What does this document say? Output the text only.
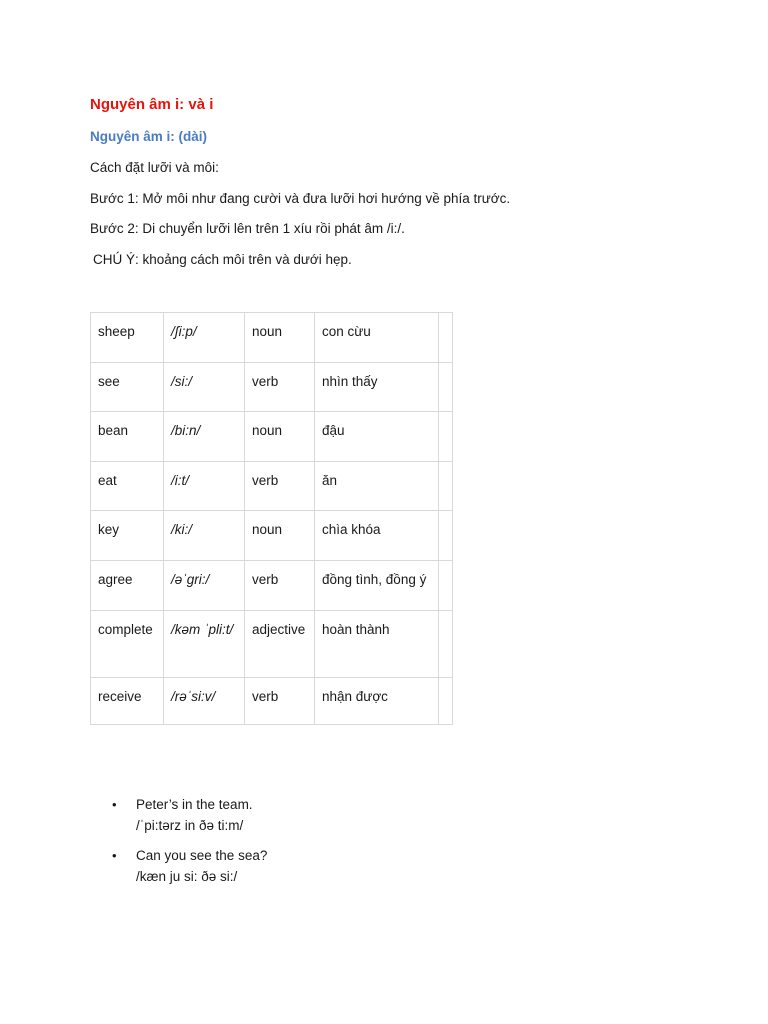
Nguyên âm i: và i
Nguyên âm i: (dài)
Cách đặt lưỡi và môi:
Bước 1: Mở môi như đang cười và đưa lưỡi hơi hướng về phía trước.
Bước 2: Di chuyển lưỡi lên trên 1 xíu rồi phát âm /i:/.
CHÚ Ý: khoảng cách môi trên và dưới hẹp.
sheep	/ʃi:p/	noun	con cừu	
see	/si:/	verb	nhìn thấy	
bean	/bi:n/	noun	đậu	
eat	/i:t/	verb	ăn	
key	/ki:/	noun	chìa khóa	
agree	/əˈgri:/	verb	đồng tình, đồng ý	
complete	/kəm ˈpli:t/	adjective	hoàn thành	
receive	/rəˈsi:v/	verb	nhận được	
• Peter’s in the team.
/ˈpi:tərz in ðə ti:m/
• Can you see the sea?
/kæn ju si: ðə si:/
